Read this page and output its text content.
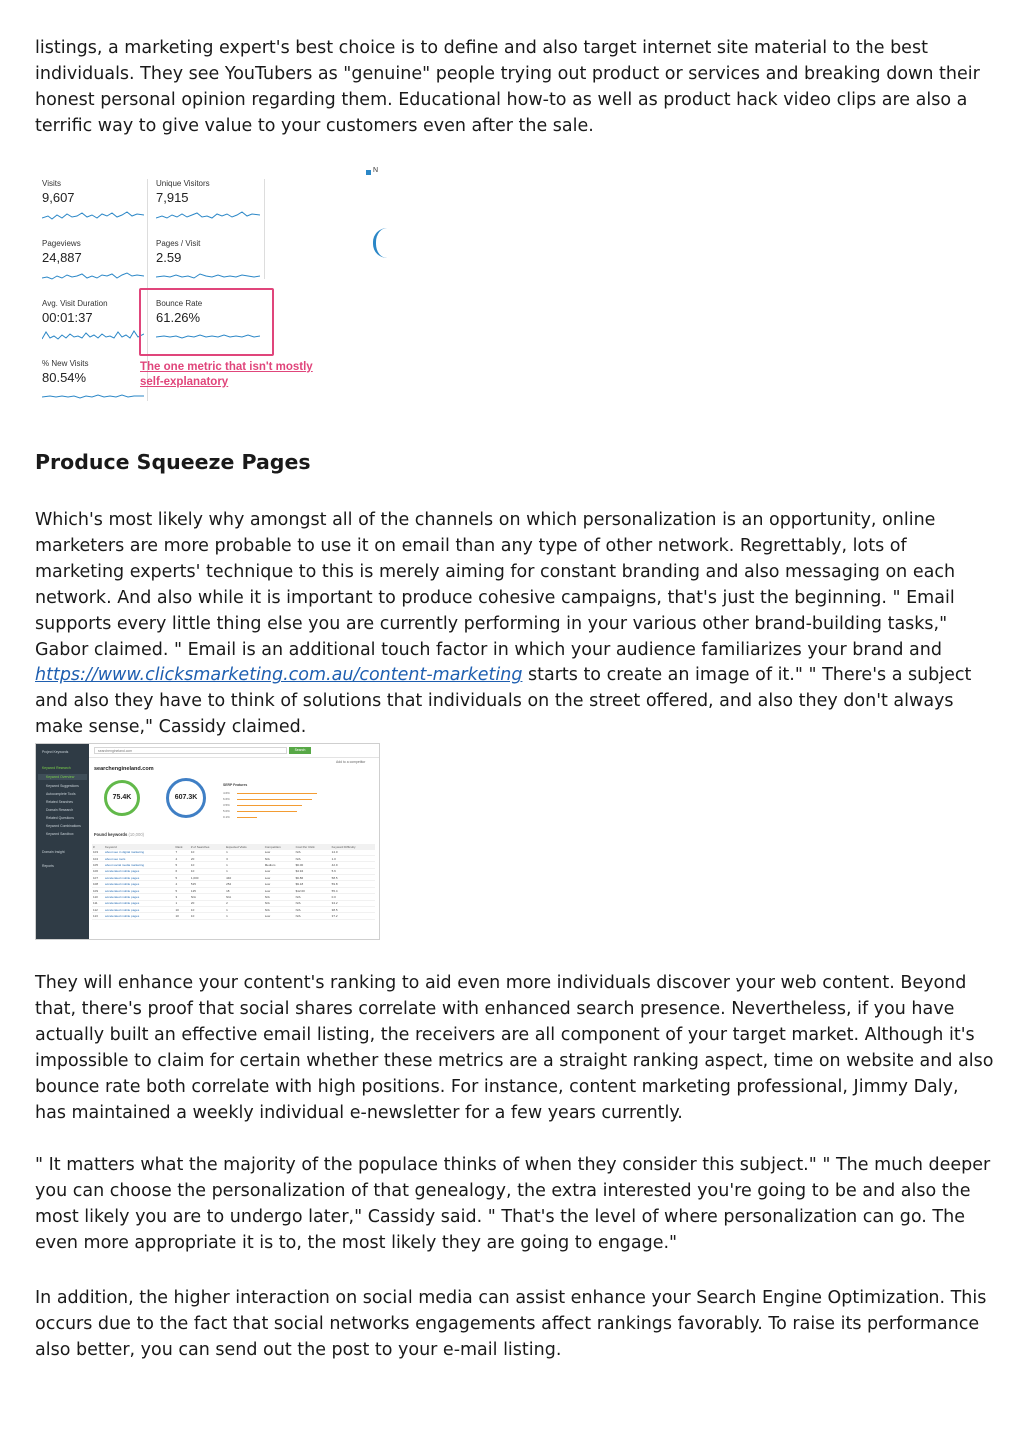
listings, a marketing expert's best choice is to define and also target internet site material to the best individuals. They see YouTubers as "genuine" people trying out product or services and breaking down their honest personal opinion regarding them. Educational how-to as well as product hack video clips are also a terrific way to give value to your customers even after the sale.

Produce Squeeze Pages

Which's most likely why amongst all of the channels on which personalization is an opportunity, online marketers are more probable to use it on email than any type of other network. Regrettably, lots of marketing experts' technique to this is merely aiming for constant branding and also messaging on each network. And also while it is important to produce cohesive campaigns, that's just the beginning. " Email supports every little thing else you are currently performing in your various other brand-building tasks," Gabor claimed. " Email is an additional touch factor in which your audience familiarizes your brand and https://www.clicksmarketing.com.au/content-marketing starts to create an image of it." " There's a subject and also they have to think of solutions that individuals on the street offered, and also they don't always make sense," Cassidy claimed.

They will enhance your content's ranking to aid even more individuals discover your web content. Beyond that, there's proof that social shares correlate with enhanced search presence. Nevertheless, if you have actually built an effective email listing, the receivers are all component of your target market. Although it's impossible to claim for certain whether these metrics are a straight ranking aspect, time on website and also bounce rate both correlate with high positions. For instance, content marketing professional, Jimmy Daly, has maintained a weekly individual e-newsletter for a few years currently.

" It matters what the majority of the populace thinks of when they consider this subject." " The much deeper you can choose the personalization of that genealogy, the extra interested you're going to be and also the most likely you are to undergo later," Cassidy said. " That's the level of where personalization can go. The even more appropriate it is to, the most likely they are going to engage."

In addition, the higher interaction on social media can assist enhance your Search Engine Optimization. This occurs due to the fact that social networks engagements affect rankings favorably. To raise its performance also better, you can send out the post to your e-mail listing.

Visits
9,607
Unique Visitors
7,915
Pageviews
24,887
Pages / Visit
2.59
Avg. Visit Duration
00:01:37
Bounce Rate
61.26%
% New Visits
80.54%
The one metric that isn't mostly
self-explanatory
N
Project Keywords
Keyword Research
Keyword Overview
Keyword Suggestions
Autocomplete Tools
Related Searches
Domain Research
Related Questions
Keyword Combinations
Keyword Sandbox
Domain Insight
Reports
searchengineland.com	Search
searchengineland.com
Add to a competitor
75.4K	607.3K
SERP Features
4.6%
6.6%
3.5%
5.0%
0.1%
Found keywords (10,000)
#	Keyword	Rank	# of Searches	Expected Visits	Competition	Cost Per Click	Keyword Difficulty
103	about seo in digital marketing	7	10	1	Low	N/A	14.0
104	about seo tools	4	20	3	N/A	N/A	1.0
105	about social media marketing	5	10	1	Medium	$6.00	42.9
106	accelerated mobile pages	6	10	1	Low	$4.94	5.6
107	accelerated mobile pages	5	1,000	440	Low	$6.86	58.5
108	accelerated mobile pages	4	515	252	Low	$9.18	59.8
109	accelerated mobile pages	5	125	18	Low	$12.00	55.4
110	accelerated mobile pages	3	N/A	N/A	N/A	N/A	0.0
111	accelerated mobile pages	1	20	2	N/A	N/A	34.2
112	accelerated mobile pages	10	10	1	N/A	N/A	38.5
113	accelerated mobile pages	10	10	1	Low	N/A	37.2
